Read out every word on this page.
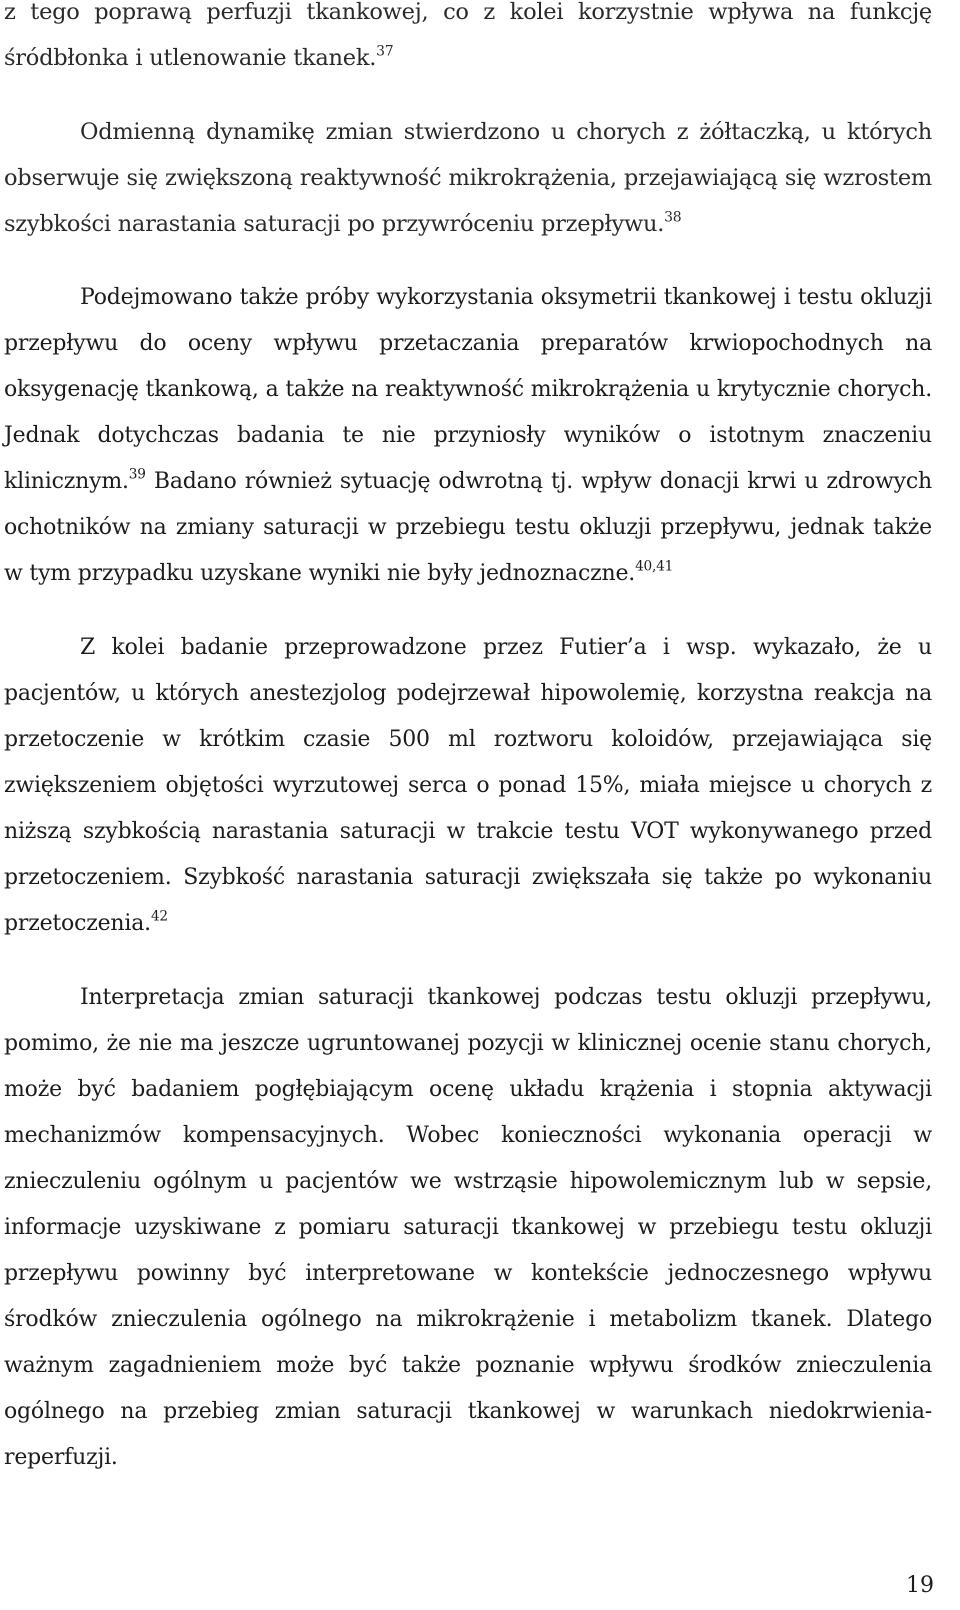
z tego poprawą perfuzji tkankowej, co z kolei korzystnie wpływa na funkcję śródbłonka i utlenowanie tkanek.$^{37}$

Odmienną dynamikę zmian stwierdzono u chorych z żółtaczką, u których obserwuje się zwiększoną reaktywność mikrokrążenia, przejawiającą się wzrostem szybkości narastania saturacji po przywróceniu przepływu.$^{38}$

Podejmowano także próby wykorzystania oksymetrii tkankowej i testu okluzji przepływu do oceny wpływu przetaczania preparatów krwiopochodnych na oksygenację tkankową, a także na reaktywność mikrokrążenia u krytycznie chorych. Jednak dotychczas badania te nie przyniosły wyników o istotnym znaczeniu klinicznym.$^{39}$ Badano również sytuację odwrotną tj. wpływ donacji krwi u zdrowych ochotników na zmiany saturacji w przebiegu testu okluzji przepływu, jednak także w tym przypadku uzyskane wyniki nie były jednoznaczne.$^{40,41}$

Z kolei badanie przeprowadzone przez Futier’a i wsp. wykazało, że u pacjentów, u których anestezjolog podejrzewał hipowolemię, korzystna reakcja na przetoczenie w krótkim czasie 500 ml roztworu koloidów, przejawiająca się zwiększeniem objętości wyrzutowej serca o ponad 15%, miała miejsce u chorych z niższą szybkością narastania saturacji w trakcie testu VOT wykonywanego przed przetoczeniem. Szybkość narastania saturacji zwiększała się także po wykonaniu przetoczenia.$^{42}$

Interpretacja zmian saturacji tkankowej podczas testu okluzji przepływu, pomimo, że nie ma jeszcze ugruntowanej pozycji w klinicznej ocenie stanu chorych, może być badaniem pogłębiającym ocenę układu krążenia i stopnia aktywacji mechanizmów kompensacyjnych. Wobec konieczności wykonania operacji w znieczuleniu ogólnym u pacjentów we wstrząsie hipowolemicznym lub w sepsie, informacje uzyskiwane z pomiaru saturacji tkankowej w przebiegu testu okluzji przepływu powinny być interpretowane w kontekście jednoczesnego wpływu środków znieczulenia ogólnego na mikrokrążenie i metabolizm tkanek. Dlatego ważnym zagadnieniem może być także poznanie wpływu środków znieczulenia ogólnego na przebieg zmian saturacji tkankowej w warunkach niedokrwienia-reperfuzji.

19
